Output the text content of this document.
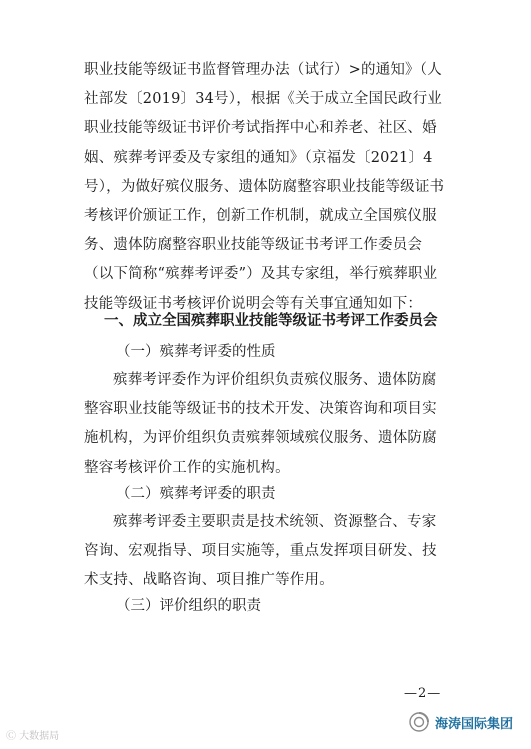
职业技能等级证书监督管理办法（试行）>的通知》（人社部发〔2019〕34号），根据《关于成立全国民政行业职业技能等级证书评价考试指挥中心和养老、社区、婚姻、殡葬考评委及专家组的通知》（京福发〔2021〕4号），为做好殡仪服务、遗体防腐整容职业技能等级证书考核评价颁证工作，创新工作机制，就成立全国殡仪服务、遗体防腐整容职业技能等级证书考评工作委员会（以下简称“殡葬考评委”）及其专家组，举行殡葬职业技能等级证书考核评价说明会等有关事宜通知如下：

一、成立全国殡葬职业技能等级证书考评工作委员会

（一）殡葬考评委的性质

殡葬考评委作为评价组织负责殡仪服务、遗体防腐整容职业技能等级证书的技术开发、决策咨询和项目实施机构，为评价组织负责殡葬领域殡仪服务、遗体防腐整容考核评价工作的实施机构。

（二）殡葬考评委的职责

殡葬考评委主要职责是技术统领、资源整合、专家咨询、宏观指导、项目实施等，重点发挥项目研发、技术支持、战略咨询、项目推广等作用。

（三）评价组织的职责

—2—
Ⓒ 大数据局
海涛国际集团
